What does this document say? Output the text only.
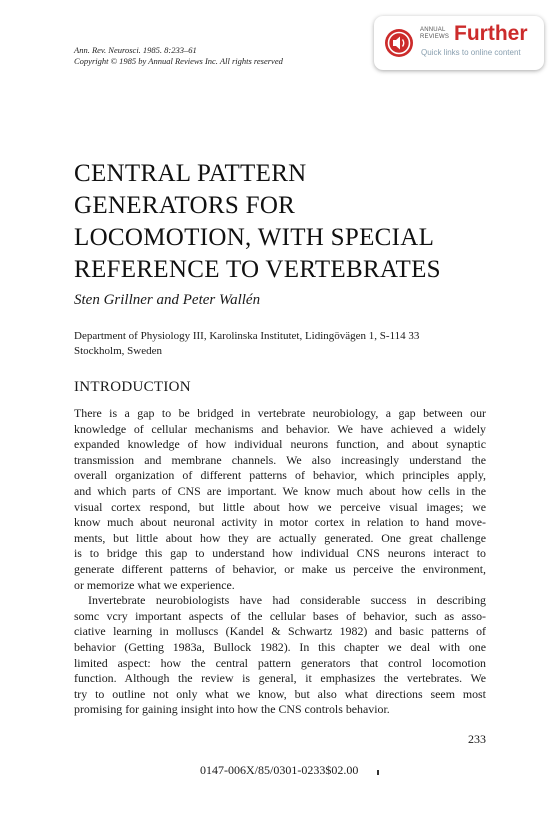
Ann. Rev. Neurosci. 1985. 8:233–61
Copyright © 1985 by Annual Reviews Inc. All rights reserved
ANNUAL
REVIEWS Further
Quick links to online content
CENTRAL PATTERN
GENERATORS FOR
LOCOMOTION, WITH SPECIAL
REFERENCE TO VERTEBRATES
Sten Grillner and Peter Wallén
Department of Physiology III, Karolinska Institutet, Lidingövägen 1, S-114 33
Stockholm, Sweden
INTRODUCTION
There is a gap to be bridged in vertebrate neurobiology, a gap between our
knowledge of cellular mechanisms and behavior. We have achieved a widely
expanded knowledge of how individual neurons function, and about synaptic
transmission and membrane channels. We also increasingly understand the
overall organization of different patterns of behavior, which principles apply,
and which parts of CNS are important. We know much about how cells in the
visual cortex respond, but little about how we perceive visual images; we
know much about neuronal activity in motor cortex in relation to hand move-
ments, but little about how they are actually generated. One great challenge
is to bridge this gap to understand how individual CNS neurons interact to
generate different patterns of behavior, or make us perceive the environment,
or memorize what we experience.
Invertebrate neurobiologists have had considerable success in describing
somc vcry important aspects of the cellular bases of behavior, such as asso-
ciative learning in molluscs (Kandel & Schwartz 1982) and basic patterns of
behavior (Getting 1983a, Bullock 1982). In this chapter we deal with one
limited aspect: how the central pattern generators that control locomotion
function. Although the review is general, it emphasizes the vertebrates. We
try to outline not only what we know, but also what directions seem most
promising for gaining insight into how the CNS controls behavior.
233
0147-006X/85/0301-0233$02.00
